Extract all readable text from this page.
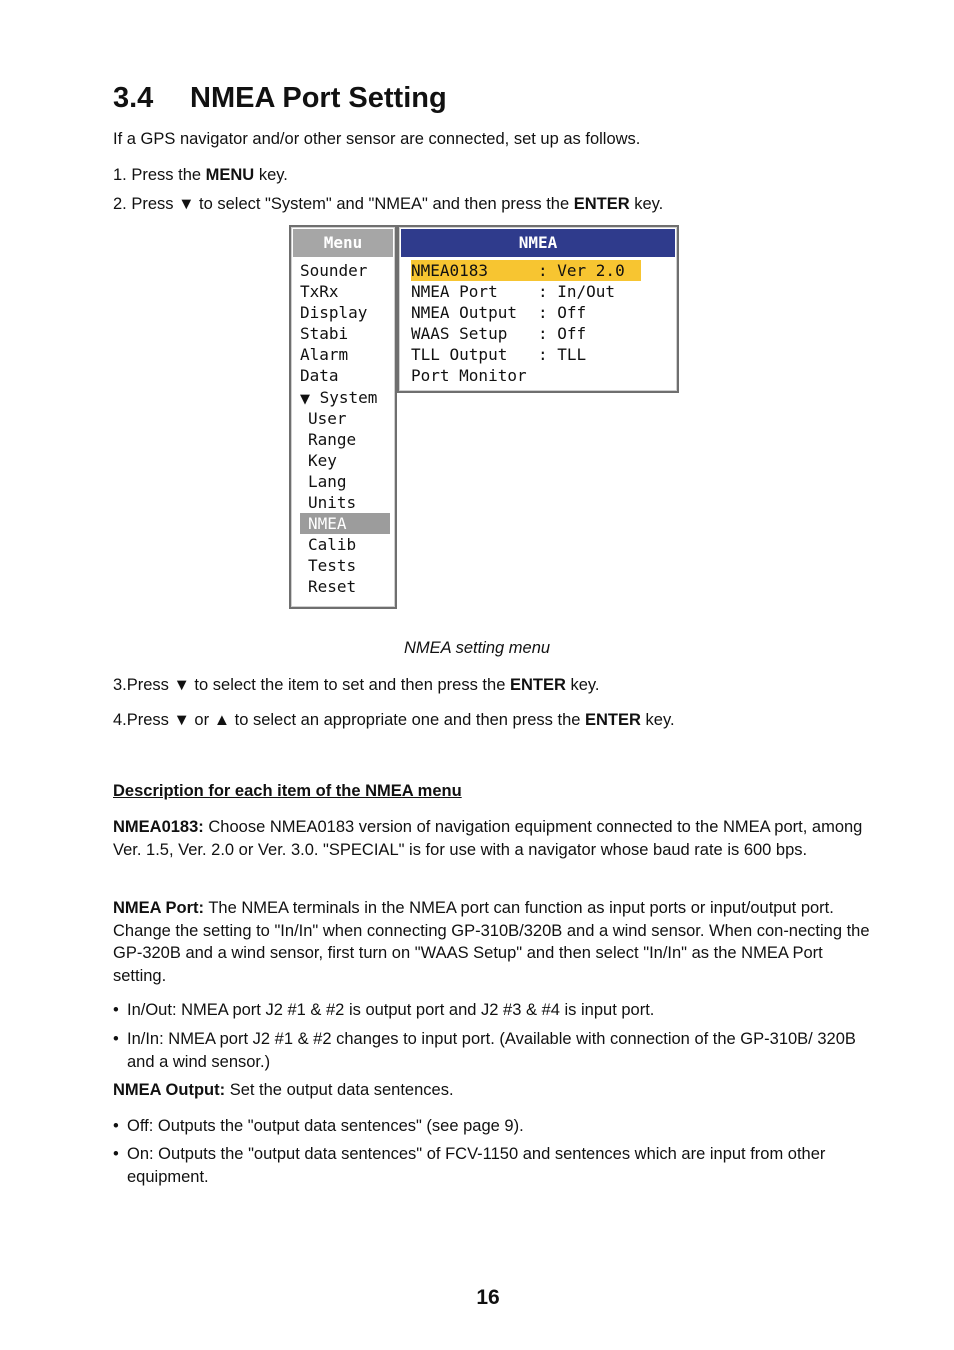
3.4 NMEA Port Setting
If a GPS navigator and/or other sensor are connected, set up as follows.
1. Press the MENU key.
2. Press ▼ to select "System" and "NMEA" and then press the ENTER key.
Menu
Sounder
TxRx
Display
Stabi
Alarm
Data
▼ System
User
Range
Key
Lang
Units
NMEA
Calib
Tests
Reset
NMEA
NMEA0183	: Ver 2.0
NMEA Port	: In/Out
NMEA Output : Off
WAAS Setup : Off
TLL Output : TLL
Port Monitor
NMEA setting menu
3.Press ▼ to select the item to set and then press the ENTER key.
4.Press ▼ or ▲ to select an appropriate one and then press the ENTER key.
Description for each item of the NMEA menu
NMEA0183: Choose NMEA0183 version of navigation equipment connected to the NMEA port, among Ver. 1.5, Ver. 2.0 or Ver. 3.0. "SPECIAL" is for use with a navigator whose baud rate is 600 bps.
NMEA Port: The NMEA terminals in the NMEA port can function as input ports or input/output port. Change the setting to "In/In" when connecting GP-310B/320B and a wind sensor. When con-necting the GP-320B and a wind sensor, first turn on "WAAS Setup" and then select "In/In" as the NMEA Port setting.
• In/Out: NMEA port J2 #1 & #2 is output port and J2 #3 & #4 is input port.
• In/In: NMEA port J2 #1 & #2 changes to input port. (Available with connection of the GP-310B/ 320B and a wind sensor.)
NMEA Output: Set the output data sentences.
• Off: Outputs the "output data sentences" (see page 9).
• On: Outputs the "output data sentences" of FCV-1150 and sentences which are input from other equipment.
16
